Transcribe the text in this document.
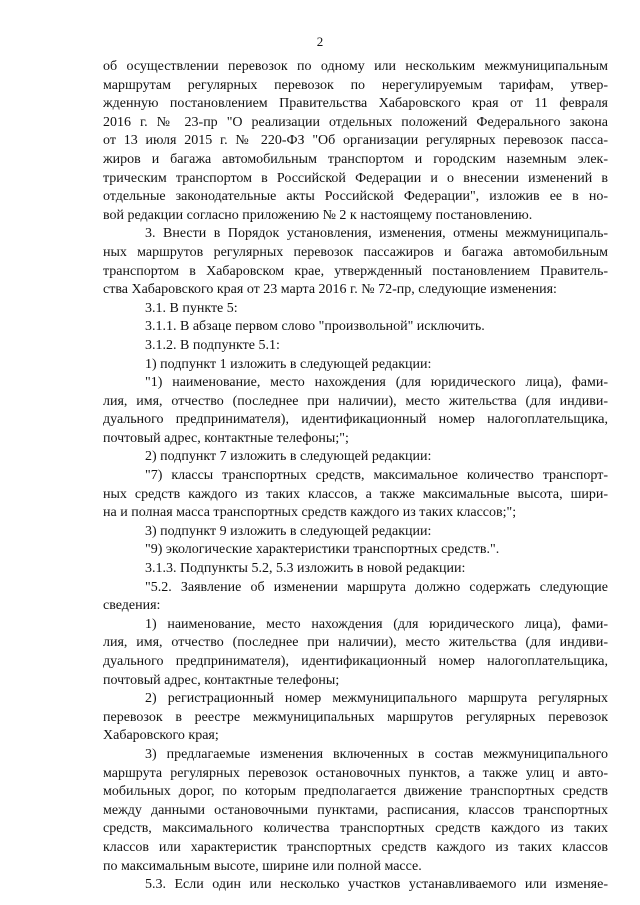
2
об осуществлении перевозок по одному или нескольким межмуниципальным
маршрутам регулярных перевозок по нерегулируемым тарифам, утвер-
жденную постановлением Правительства Хабаровского края от 11 февраля
2016 г. № 23-пр "О реализации отдельных положений Федерального закона
от 13 июля 2015 г. № 220-ФЗ "Об организации регулярных перевозок пасса-
жиров и багажа автомобильным транспортом и городским наземным элек-
трическим транспортом в Российской Федерации и о внесении изменений в
отдельные законодательные акты Российской Федерации", изложив ее в но-
вой редакции согласно приложению № 2 к настоящему постановлению.
3. Внести в Порядок установления, изменения, отмены межмуниципаль-
ных маршрутов регулярных перевозок пассажиров и багажа автомобильным
транспортом в Хабаровском крае, утвержденный постановлением Правитель-
ства Хабаровского края от 23 марта 2016 г. № 72-пр, следующие изменения:
3.1. В пункте 5:
3.1.1. В абзаце первом слово "произвольной" исключить.
3.1.2. В подпункте 5.1:
1) подпункт 1 изложить в следующей редакции:
"1) наименование, место нахождения (для юридического лица), фами-
лия, имя, отчество (последнее при наличии), место жительства (для индиви-
дуального предпринимателя), идентификационный номер налогоплательщика,
почтовый адрес, контактные телефоны;";
2) подпункт 7 изложить в следующей редакции:
"7) классы транспортных средств, максимальное количество транспорт-
ных средств каждого из таких классов, а также максимальные высота, шири-
на и полная масса транспортных средств каждого из таких классов;";
3) подпункт 9 изложить в следующей редакции:
"9) экологические характеристики транспортных средств.".
3.1.3. Подпункты 5.2, 5.3 изложить в новой редакции:
"5.2. Заявление об изменении маршрута должно содержать следующие
сведения:
1) наименование, место нахождения (для юридического лица), фами-
лия, имя, отчество (последнее при наличии), место жительства (для индиви-
дуального предпринимателя), идентификационный номер налогоплательщика,
почтовый адрес, контактные телефоны;
2) регистрационный номер межмуниципального маршрута регулярных
перевозок в реестре межмуниципальных маршрутов регулярных перевозок
Хабаровского края;
3) предлагаемые изменения включенных в состав межмуниципального
маршрута регулярных перевозок остановочных пунктов, а также улиц и авто-
мобильных дорог, по которым предполагается движение транспортных средств
между данными остановочными пунктами, расписания, классов транспортных
средств, максимального количества транспортных средств каждого из таких
классов или характеристик транспортных средств каждого из таких классов
по максимальным высоте, ширине или полной массе.
5.3. Если один или несколько участков устанавливаемого или изменяе-
